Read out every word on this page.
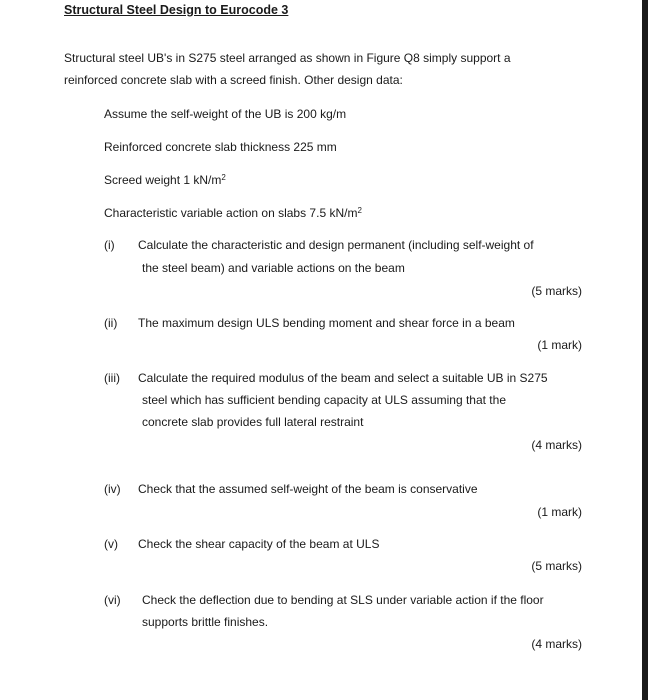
Structural Steel Design to Eurocode 3
Structural steel UB's in S275 steel arranged as shown in Figure Q8 simply support a
reinforced concrete slab with a screed finish. Other design data:
Assume the self-weight of the UB is 200 kg/m
Reinforced concrete slab thickness 225 mm
Screed weight 1 $kN/m^2$
Characteristic variable action on slabs 7.5 $kN/m^2$
(i) Calculate the characteristic and design permanent (including self-weight of
the steel beam) and variable actions on the beam
(5 marks)
(ii) The maximum design ULS bending moment and shear force in a beam
(1 mark)
(iii) Calculate the required modulus of the beam and select a suitable UB in S275
steel which has sufficient bending capacity at ULS assuming that the
concrete slab provides full lateral restraint
(4 marks)
(iv) Check that the assumed self-weight of the beam is conservative
(1 mark)
(v) Check the shear capacity of the beam at ULS
(5 marks)
(vi) Check the deflection due to bending at SLS under variable action if the floor
supports brittle finishes.
(4 marks)
